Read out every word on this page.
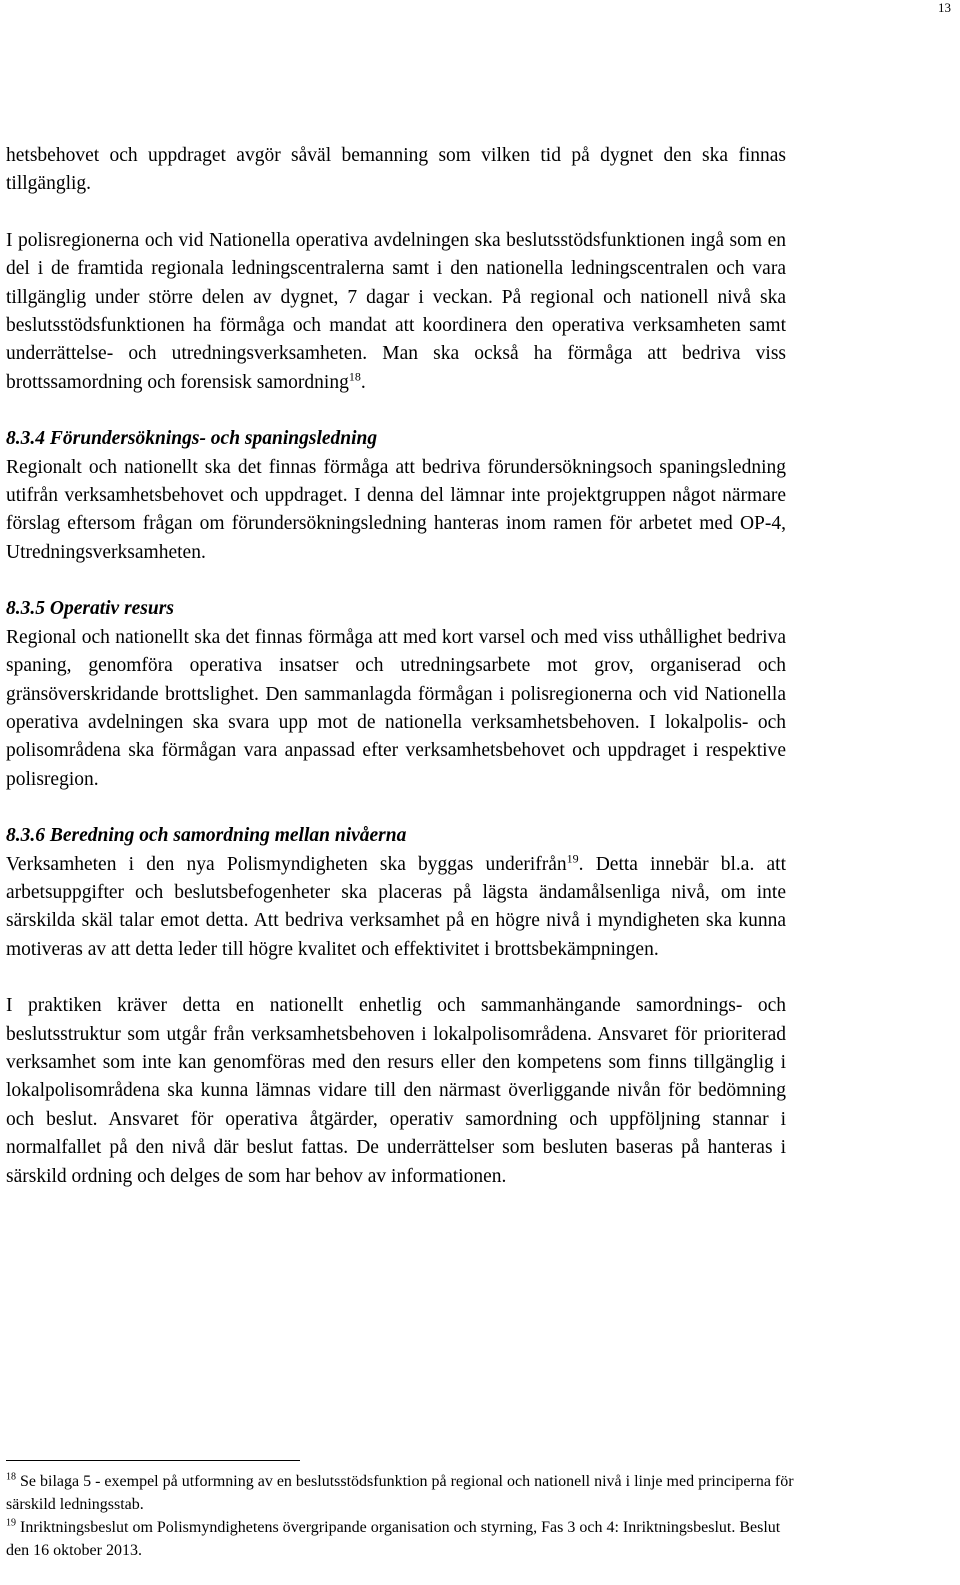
13

hetsbehovet och uppdraget avgör såväl bemanning som vilken tid på dygnet den ska finnas tillgänglig.

I polisregionerna och vid Nationella operativa avdelningen ska beslutsstödsfunktionen ingå som en del i de framtida regionala ledningscentralerna samt i den nationella ledningscentralen och vara tillgänglig under större delen av dygnet, 7 dagar i veckan. På regional och nationell nivå ska beslutsstödsfunktionen ha förmåga och mandat att koordinera den operativa verksamheten samt underrättelse- och utredningsverksamheten. Man ska också ha förmåga att bedriva viss brottssamordning och forensisk samordning$^{18}$.

8.3.4 Förundersöknings- och spaningsledning

Regionalt och nationellt ska det finnas förmåga att bedriva förundersökningsoch spaningsledning utifrån verksamhetsbehovet och uppdraget. I denna del lämnar inte projektgruppen något närmare förslag eftersom frågan om förundersökningsledning hanteras inom ramen för arbetet med OP-4, Utredningsverksamheten.

8.3.5 Operativ resurs

Regional och nationellt ska det finnas förmåga att med kort varsel och med viss uthållighet bedriva spaning, genomföra operativa insatser och utredningsarbete mot grov, organiserad och gränsöverskridande brottslighet. Den sammanlagda förmågan i polisregionerna och vid Nationella operativa avdelningen ska svara upp mot de nationella verksamhetsbehoven. I lokalpolis- och polisområdena ska förmågan vara anpassad efter verksamhetsbehovet och uppdraget i respektive polisregion.

8.3.6 Beredning och samordning mellan nivåerna

Verksamheten i den nya Polismyndigheten ska byggas underifrån$^{19}$. Detta innebär bl.a. att arbetsuppgifter och beslutsbefogenheter ska placeras på lägsta ändamålsenliga nivå, om inte särskilda skäl talar emot detta. Att bedriva verksamhet på en högre nivå i myndigheten ska kunna motiveras av att detta leder till högre kvalitet och effektivitet i brottsbekämpningen.

I praktiken kräver detta en nationellt enhetlig och sammanhängande samordnings- och beslutsstruktur som utgår från verksamhetsbehoven i lokalpolisområdena. Ansvaret för prioriterad verksamhet som inte kan genomföras med den resurs eller den kompetens som finns tillgänglig i lokalpolisområdena ska kunna lämnas vidare till den närmast överliggande nivån för bedömning och beslut. Ansvaret för operativa åtgärder, operativ samordning och uppföljning stannar i normalfallet på den nivå där beslut fattas. De underrättelser som besluten baseras på hanteras i särskild ordning och delges de som har behov av informationen.

$^{18}$ Se bilaga 5 - exempel på utformning av en beslutsstödsfunktion på regional och nationell nivå i linje med principerna för särskild ledningsstab.
$^{19}$ Inriktningsbeslut om Polismyndighetens övergripande organisation och styrning, Fas 3 och 4: Inriktningsbeslut. Beslut den 16 oktober 2013.
